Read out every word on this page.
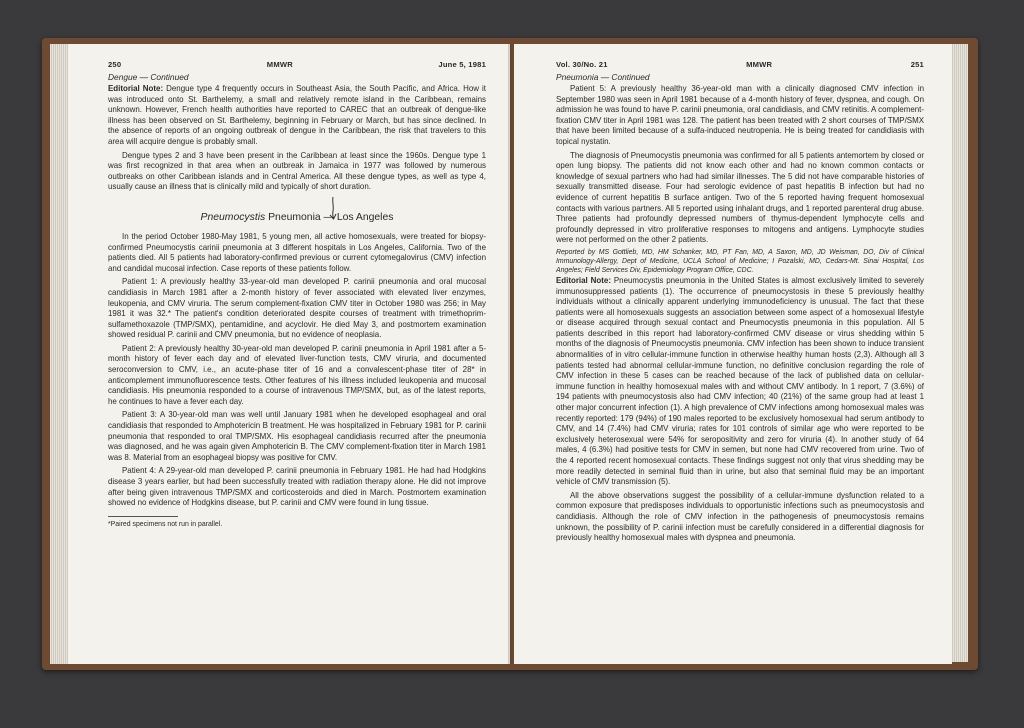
250	MMWR	June 5, 1981
Dengue — Continued

Editorial Note: Dengue type 4 frequently occurs in Southeast Asia, the South Pacific, and Africa. How it was introduced onto St. Barthelemy, a small and relatively remote island in the Caribbean, remains unknown. However, French health authorities have reported to CAREC that an outbreak of dengue-like illness has been observed on St. Barthelemy, beginning in February or March, but has since declined. In the absence of reports of an ongoing outbreak of dengue in the Caribbean, the risk that travelers to this area will acquire dengue is probably small.

Dengue types 2 and 3 have been present in the Caribbean at least since the 1960s. Dengue type 1 was first recognized in that area when an outbreak in Jamaica in 1977 was followed by numerous outbreaks on other Caribbean islands and in Central America. All these dengue types, as well as type 4, usually cause an illness that is clinically mild and typically of short duration.

Pneumocystis Pneumonia — Los Angeles

In the period October 1980-May 1981, 5 young men, all active homosexuals, were treated for biopsy-confirmed Pneumocystis carinii pneumonia at 3 different hospitals in Los Angeles, California. Two of the patients died. All 5 patients had laboratory-confirmed previous or current cytomegalovirus (CMV) infection and candidal mucosal infection. Case reports of these patients follow.

Patient 1: A previously healthy 33-year-old man developed P. carinii pneumonia and oral mucosal candidiasis in March 1981 after a 2-month history of fever associated with elevated liver enzymes, leukopenia, and CMV viruria. The serum complement-fixation CMV titer in October 1980 was 256; in May 1981 it was 32.* The patient's condition deteriorated despite courses of treatment with trimethoprim-sulfamethoxazole (TMP/SMX), pentamidine, and acyclovir. He died May 3, and postmortem examination showed residual P. carinii and CMV pneumonia, but no evidence of neoplasia.

Patient 2: A previously healthy 30-year-old man developed P. carinii pneumonia in April 1981 after a 5-month history of fever each day and of elevated liver-function tests, CMV viruria, and documented seroconversion to CMV, i.e., an acute-phase titer of 16 and a convalescent-phase titer of 28* in anticomplement immunofluorescence tests. Other features of his illness included leukopenia and mucosal candidiasis. His pneumonia responded to a course of intravenous TMP/SMX, but, as of the latest reports, he continues to have a fever each day.

Patient 3: A 30-year-old man was well until January 1981 when he developed esophageal and oral candidiasis that responded to Amphotericin B treatment. He was hospitalized in February 1981 for P. carinii pneumonia that responded to oral TMP/SMX. His esophageal candidiasis recurred after the pneumonia was diagnosed, and he was again given Amphotericin B. The CMV complement-fixation titer in March 1981 was 8. Material from an esophageal biopsy was positive for CMV.

Patient 4: A 29-year-old man developed P. carinii pneumonia in February 1981. He had had Hodgkins disease 3 years earlier, but had been successfully treated with radiation therapy alone. He did not improve after being given intravenous TMP/SMX and corticosteroids and died in March. Postmortem examination showed no evidence of Hodgkins disease, but P. carinii and CMV were found in lung tissue.

*Paired specimens not run in parallel.
Vol. 30/No. 21	MMWR	251
Pneumonia — Continued

Patient 5: A previously healthy 36-year-old man with a clinically diagnosed CMV infection in September 1980 was seen in April 1981 because of a 4-month history of fever, dyspnea, and cough. On admission he was found to have P. carinii pneumonia, oral candidiasis, and CMV retinitis. A complement-fixation CMV titer in April 1981 was 128. The patient has been treated with 2 short courses of TMP/SMX that have been limited because of a sulfa-induced neutropenia. He is being treated for candidiasis with topical nystatin.

The diagnosis of Pneumocystis pneumonia was confirmed for all 5 patients antemortem by closed or open lung biopsy. The patients did not know each other and had no known common contacts or knowledge of sexual partners who had had similar illnesses. The 5 did not have comparable histories of sexually transmitted disease. Four had serologic evidence of past hepatitis B infection but had no evidence of current hepatitis B surface antigen. Two of the 5 reported having frequent homosexual contacts with various partners. All 5 reported using inhalant drugs, and 1 reported parenteral drug abuse. Three patients had profoundly depressed numbers of thymus-dependent lymphocyte cells and profoundly depressed in vitro proliferative responses to mitogens and antigens. Lymphocyte studies were not performed on the other 2 patients.

Reported by MS Gottlieb, MD, HM Schanker, MD, PT Fan, MD, A Saxon, MD, JD Weisman, DO, Div of Clinical Immunology-Allergy, Dept of Medicine, UCLA School of Medicine; I Pozalski, MD, Cedars-Mt. Sinai Hospital, Los Angeles; Field Services Div, Epidemiology Program Office, CDC.

Editorial Note: Pneumocystis pneumonia in the United States is almost exclusively limited to severely immunosuppressed patients (1). The occurrence of pneumocystosis in these 5 previously healthy individuals without a clinically apparent underlying immunodeficiency is unusual. The fact that these patients were all homosexuals suggests an association between some aspect of a homosexual lifestyle or disease acquired through sexual contact and Pneumocystis pneumonia in this population. All 5 patients described in this report had laboratory-confirmed CMV disease or virus shedding within 5 months of the diagnosis of Pneumocystis pneumonia. CMV infection has been shown to induce transient abnormalities of in vitro cellular-immune function in otherwise healthy human hosts (2,3). Although all 3 patients tested had abnormal cellular-immune function, no definitive conclusion regarding the role of CMV infection in these 5 cases can be reached because of the lack of published data on cellular-immune function in healthy homosexual males with and without CMV antibody. In 1 report, 7 (3.6%) of 194 patients with pneumocystosis also had CMV infection; 40 (21%) of the same group had at least 1 other major concurrent infection (1). A high prevalence of CMV infections among homosexual males was recently reported: 179 (94%) of 190 males reported to be exclusively homosexual had serum antibody to CMV, and 14 (7.4%) had CMV viruria; rates for 101 controls of similar age who were reported to be exclusively heterosexual were 54% for seropositivity and zero for viruria (4). In another study of 64 males, 4 (6.3%) had positive tests for CMV in semen, but none had CMV recovered from urine. Two of the 4 reported recent homosexual contacts. These findings suggest not only that virus shedding may be more readily detected in seminal fluid than in urine, but also that seminal fluid may be an important vehicle of CMV transmission (5).

All the above observations suggest the possibility of a cellular-immune dysfunction related to a common exposure that predisposes individuals to opportunistic infections such as pneumocystosis and candidiasis. Although the role of CMV infection in the pathogenesis of pneumocystosis remains unknown, the possibility of P. carinii infection must be carefully considered in a differential diagnosis for previously healthy homosexual males with dyspnea and pneumonia.
